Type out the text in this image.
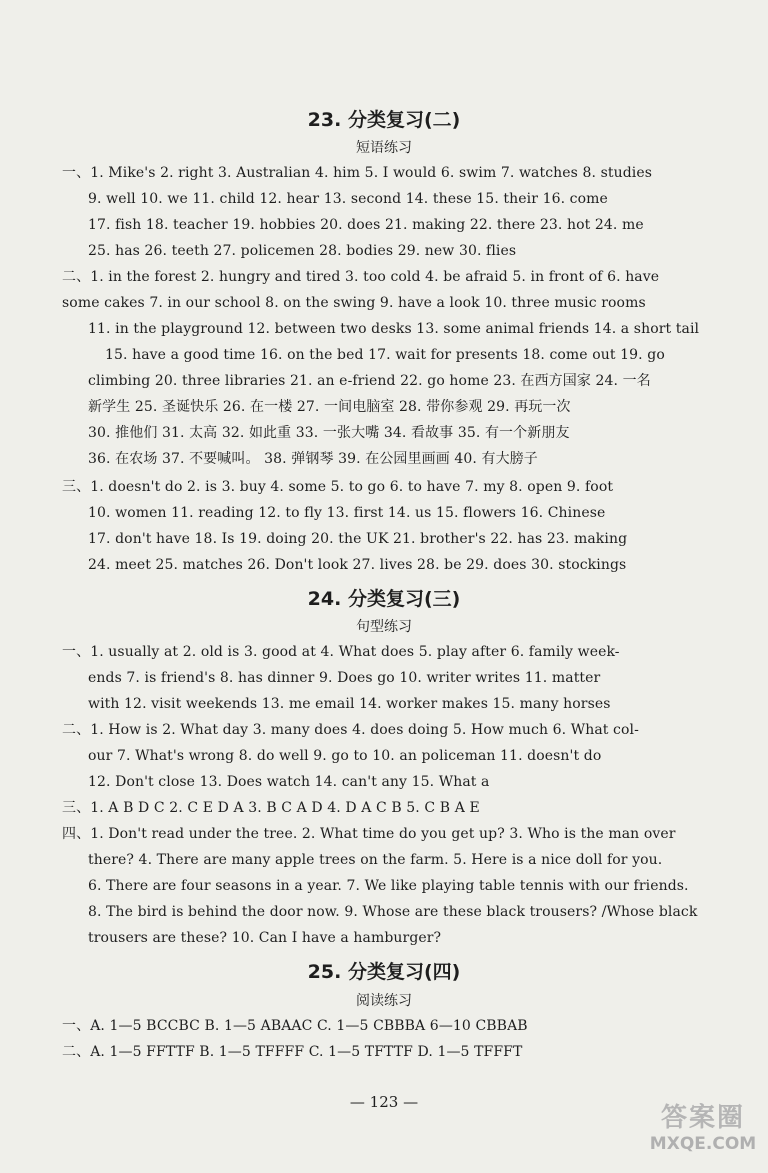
23. 分类复习(二)
短语练习
一、1. Mike's 2. right 3. Australian 4. him 5. I would 6. swim 7. watches 8. studies
9. well 10. we 11. child 12. hear 13. second 14. these 15. their 16. come
17. fish 18. teacher 19. hobbies 20. does 21. making 22. there 23. hot 24. me
25. has 26. teeth 27. policemen 28. bodies 29. new 30. flies
二、1. in the forest 2. hungry and tired 3. too cold 4. be afraid 5. in front of 6. have
some cakes 7. in our school 8. on the swing 9. have a look 10. three music rooms
11. in the playground 12. between two desks 13. some animal friends 14. a short tail
15. have a good time 16. on the bed 17. wait for presents 18. come out 19. go
climbing 20. three libraries 21. an e-friend 22. go home 23. 在西方国家 24. 一名
新学生 25. 圣诞快乐 26. 在一楼 27. 一间电脑室 28. 带你参观 29. 再玩一次
30. 推他们 31. 太高 32. 如此重 33. 一张大嘴 34. 看故事 35. 有一个新朋友
36. 在农场 37. 不要喊叫。 38. 弹钢琴 39. 在公园里画画 40. 有大膀子
三、1. doesn't do 2. is 3. buy 4. some 5. to go 6. to have 7. my 8. open 9. foot
10. women 11. reading 12. to fly 13. first 14. us 15. flowers 16. Chinese
17. don't have 18. Is 19. doing 20. the UK 21. brother's 22. has 23. making
24. meet 25. matches 26. Don't look 27. lives 28. be 29. does 30. stockings
24. 分类复习(三)
句型练习
一、1. usually at 2. old is 3. good at 4. What does 5. play after 6. family week-
ends 7. is friend's 8. has dinner 9. Does go 10. writer writes 11. matter
with 12. visit weekends 13. me email 14. worker makes 15. many horses
二、1. How is 2. What day 3. many does 4. does doing 5. How much 6. What col-
our 7. What's wrong 8. do well 9. go to 10. an policeman 11. doesn't do
12. Don't close 13. Does watch 14. can't any 15. What a
三、1. A B D C 2. C E D A 3. B C A D 4. D A C B 5. C B A E
四、1. Don't read under the tree. 2. What time do you get up? 3. Who is the man over
there? 4. There are many apple trees on the farm. 5. Here is a nice doll for you.
6. There are four seasons in a year. 7. We like playing table tennis with our friends.
8. The bird is behind the door now. 9. Whose are these black trousers? /Whose black
trousers are these? 10. Can I have a hamburger?
25. 分类复习(四)
阅读练习
一、A. 1—5 BCCBC B. 1—5 ABAAC C. 1—5 CBBBA 6—10 CBBAB
二、A. 1—5 FFTTF B. 1—5 TFFFF C. 1—5 TFTTF D. 1—5 TFFFT
— 123 —
答案圈
MXQE.COM
